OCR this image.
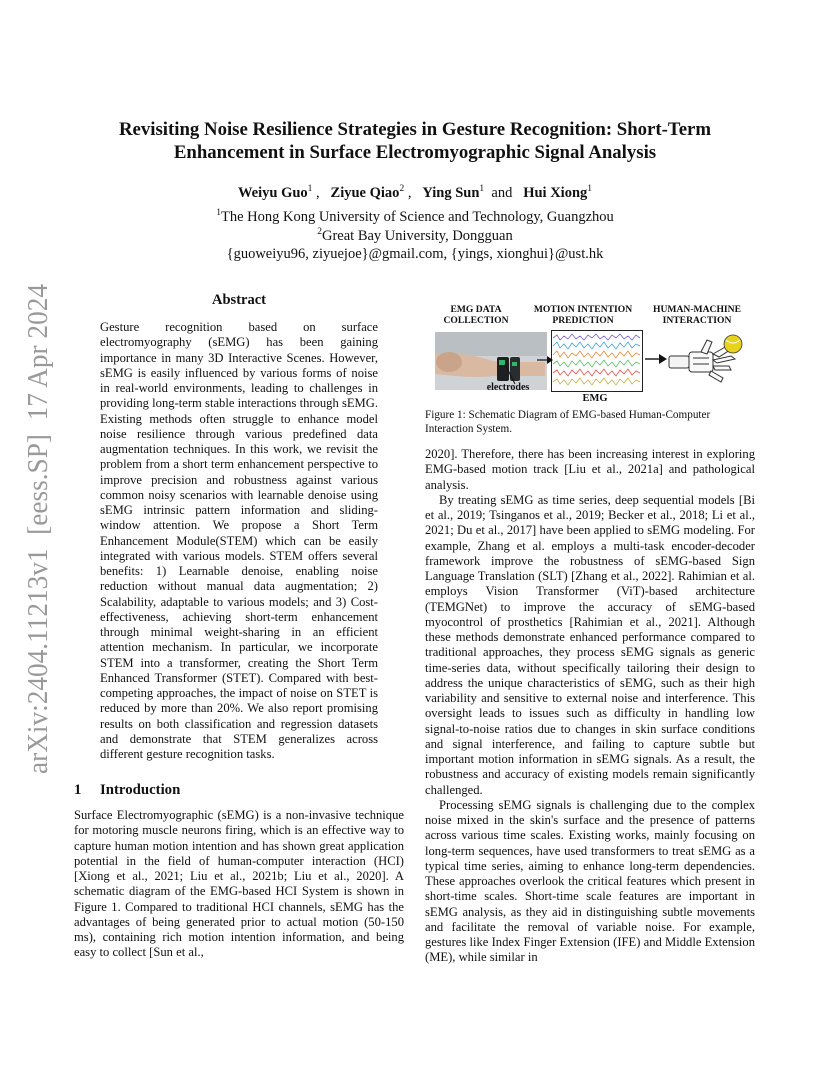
arXiv:2404.11213v1  [eess.SP]  17 Apr 2024
Revisiting Noise Resilience Strategies in Gesture Recognition: Short-Term Enhancement in Surface Electromyographic Signal Analysis
Weiyu Guo$^1$ ,   Ziyue Qiao$^2$ ,   Ying Sun$^1$  and   Hui Xiong$^1$
$^1$The Hong Kong University of Science and Technology, Guangzhou
$^2$Great Bay University, Dongguan
{guoweiyu96, ziyuejoe}@gmail.com, {yings, xionghui}@ust.hk
Abstract

Gesture recognition based on surface electromyography (sEMG) has been gaining importance in many 3D Interactive Scenes. However, sEMG is easily influenced by various forms of noise in real-world environments, leading to challenges in providing long-term stable interactions through sEMG. Existing methods often struggle to enhance model noise resilience through various predefined data augmentation techniques. In this work, we revisit the problem from a short term enhancement perspective to improve precision and robustness against various common noisy scenarios with learnable denoise using sEMG intrinsic pattern information and sliding-window attention. We propose a Short Term Enhancement Module(STEM) which can be easily integrated with various models. STEM offers several benefits: 1) Learnable denoise, enabling noise reduction without manual data augmentation; 2) Scalability, adaptable to various models; and 3) Cost-effectiveness, achieving short-term enhancement through minimal weight-sharing in an efficient attention mechanism. In particular, we incorporate STEM into a transformer, creating the Short Term Enhanced Transformer (STET). Compared with best-competing approaches, the impact of noise on STET is reduced by more than 20%. We also report promising results on both classification and regression datasets and demonstrate that STEM generalizes across different gesture recognition tasks.

1 Introduction

Surface Electromyographic (sEMG) is a non-invasive technique for motoring muscle neurons firing, which is an effective way to capture human motion intention and has shown great application potential in the field of human-computer interaction (HCI) [Xiong et al., 2021; Liu et al., 2021b; Liu et al., 2020]. A schematic diagram of the EMG-based HCI System is shown in Figure 1. Compared to traditional HCI channels, sEMG has the advantages of being generated prior to actual motion (50-150 ms), containing rich motion intention information, and being easy to collect [Sun et al.,

EMG DATA COLLECTION
MOTION INTENTION PREDICTION
HUMAN-MACHINE INTERACTION
electrodes
EMG
Figure 1: Schematic Diagram of EMG-based Human-Computer Interaction System.

2020]. Therefore, there has been increasing interest in exploring EMG-based motion track [Liu et al., 2021a] and pathological analysis.

By treating sEMG as time series, deep sequential models [Bi et al., 2019; Tsinganos et al., 2019; Becker et al., 2018; Li et al., 2021; Du et al., 2017] have been applied to sEMG modeling. For example, Zhang et al. employs a multi-task encoder-decoder framework improve the robustness of sEMG-based Sign Language Translation (SLT) [Zhang et al., 2022]. Rahimian et al. employs Vision Transformer (ViT)-based architecture (TEMGNet) to improve the accuracy of sEMG-based myocontrol of prosthetics [Rahimian et al., 2021]. Although these methods demonstrate enhanced performance compared to traditional approaches, they process sEMG signals as generic time-series data, without specifically tailoring their design to address the unique characteristics of sEMG, such as their high variability and sensitive to external noise and interference. This oversight leads to issues such as difficulty in handling low signal-to-noise ratios due to changes in skin surface conditions and signal interference, and failing to capture subtle but important motion information in sEMG signals. As a result, the robustness and accuracy of existing models remain significantly challenged.

Processing sEMG signals is challenging due to the complex noise mixed in the skin's surface and the presence of patterns across various time scales. Existing works, mainly focusing on long-term sequences, have used transformers to treat sEMG as a typical time series, aiming to enhance long-term dependencies. These approaches overlook the critical features which present in short-time scales. Short-time scale features are important in sEMG analysis, as they aid in distinguishing subtle movements and facilitate the removal of variable noise. For example, gestures like Index Finger Extension (IFE) and Middle Extension (ME), while similar in
